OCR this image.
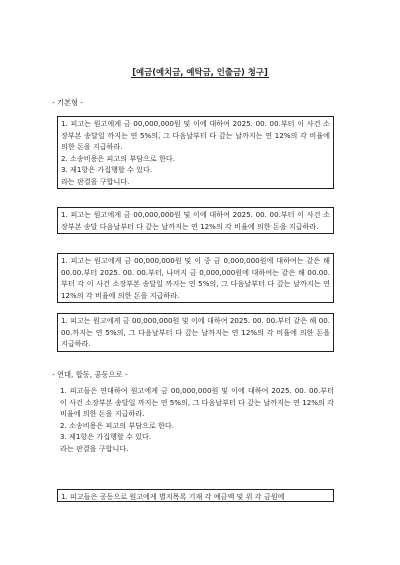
[예금(예치금, 예탁금, 인출금) 청구]
- 기본형 -

1. 피고는 원고에게 금 00,000,000원 및 이에 대하여 2025. 00. 00.부터 이 사건 소장부본 송달일 까지는 연 5%의, 그 다음날부터 다 갚는 날까지는 연 12%의 각 비율에 의한 돈을 지급하라.

2. 소송비용은 피고의 부담으로 한다.

3. 제1항은 가집행할 수 있다.

라는 판결을 구합니다.

1. 피고는 원고에게 금 00,000,000원 및 이에 대하여 2025. 00. 00.부터 이 사건 소장부본 송달 다음날부터 다 갚는 날까지는 연 12%의 각 비율에 의한 돈을 지급하라.

1. 피고는 원고에게 금 00,000,000원 및 이 중 금 0,000,000원에 대하여는 같은 해 00.00.부터 2025. 00. 00.부터, 나머지 금 0,000,000원에 대하여는 같은 해 00.00.부터 각 이 사건 소장부본 송달일 까지는 연 5%의, 그 다음날부터 다 갚는 날까지는 연 12%의 각 비율에 의한 돈을 지급하라.

1. 피고는 원고에게 금 00,000,000원 및 이에 대하여 2025. 00. 00.부터 같은 해 00. 00.까지는 연 5%의, 그 다음날부터 다 갚는 날까지는 연 12%의 각 비율에 의한 돈을 지급하라.

- 연대, 합동, 공동으로 -

1. 피고들은 연대하여 원고에게 금 00,000,000원 및 이에 대하여 2025. 00. 00.부터 이 사건 소장부본 송달일 까지는 연 5%의, 그 다음날부터 다 갚는 날까지는 연 12%의 각 비율에 의한 돈을 지급하라.

2. 소송비용은 피고의 부담으로 한다.

3. 제1항은 가집행할 수 있다.

라는 판결을 구합니다.

1. 피고들은 공동으로 원고에게 별지목록 기재 각 예금액 및 위 각 금원에
